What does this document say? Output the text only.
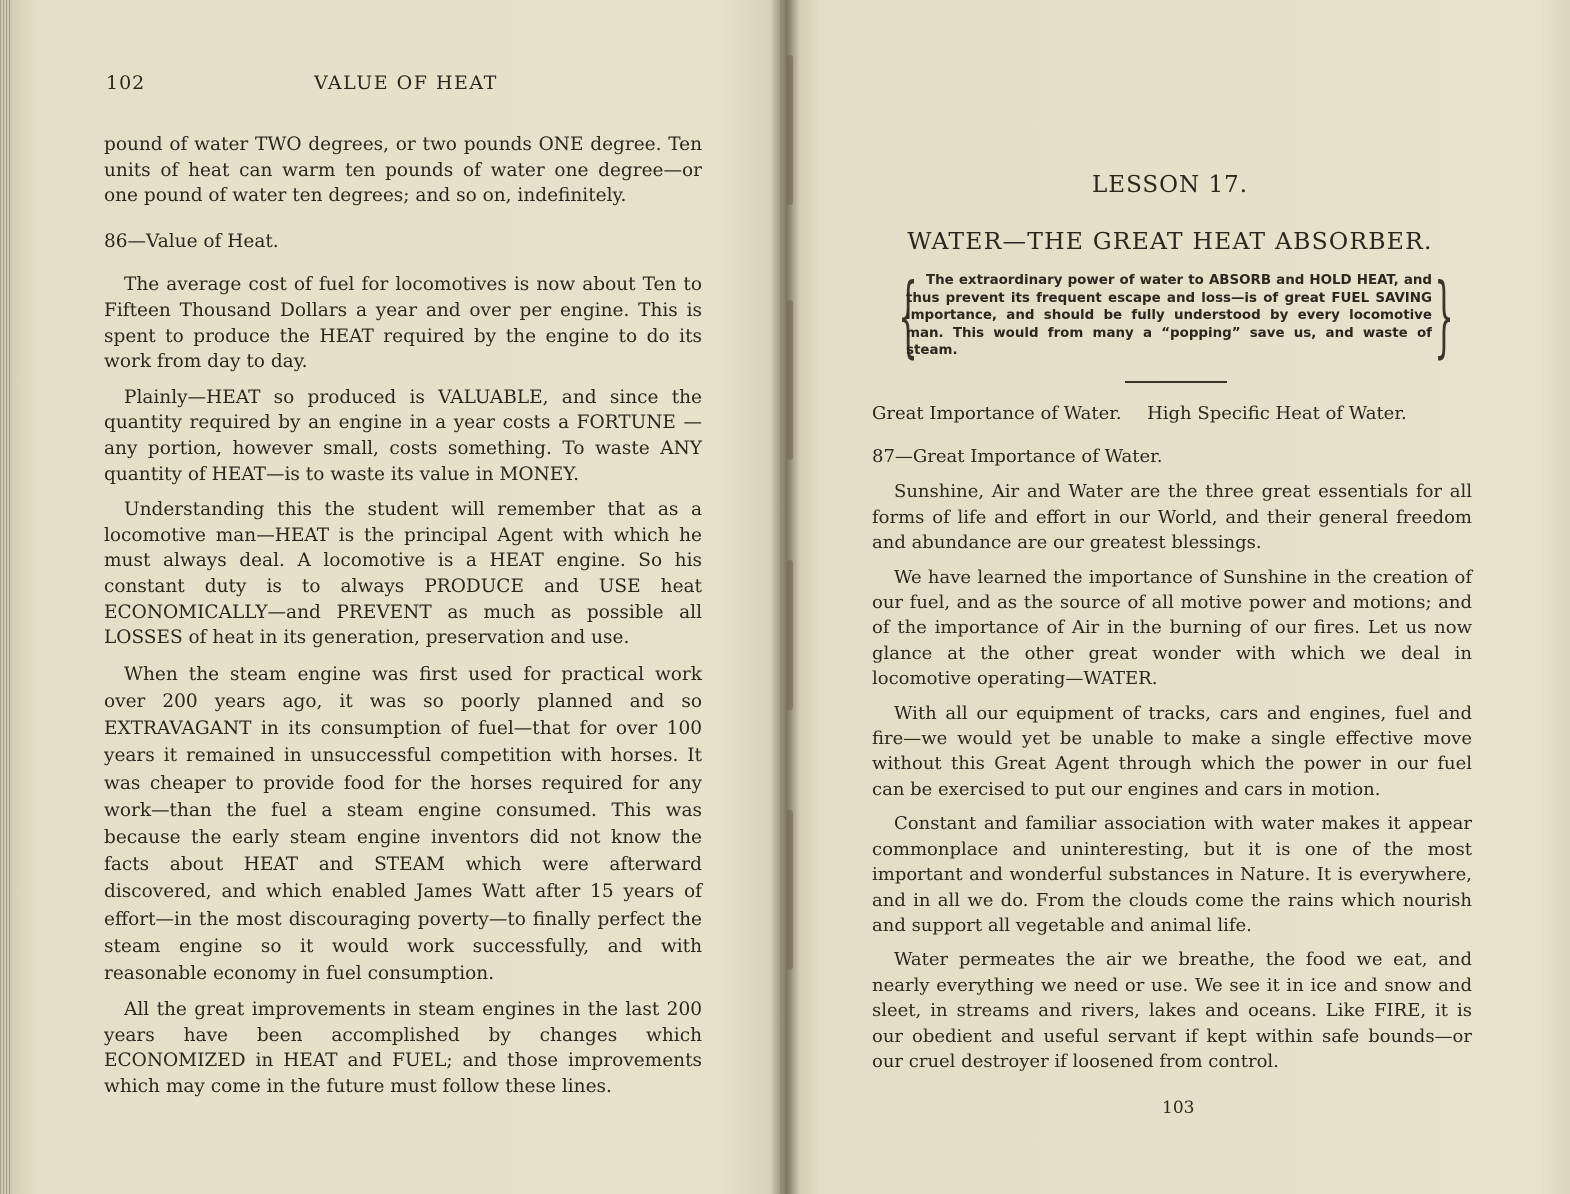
102	VALUE OF HEAT

pound of water TWO degrees, or two pounds ONE degree. Ten units of heat can warm ten pounds of water one degree—or one pound of water ten degrees; and so on, indefinitely.

86—Value of Heat.

The average cost of fuel for locomotives is now about Ten to Fifteen Thousand Dollars a year and over per engine. This is spent to produce the HEAT required by the engine to do its work from day to day.

Plainly—HEAT so produced is VALUABLE, and since the quantity required by an engine in a year costs a FORTUNE —any portion, however small, costs something. To waste ANY quantity of HEAT—is to waste its value in MONEY.

Understanding this the student will remember that as a locomotive man—HEAT is the principal Agent with which he must always deal. A locomotive is a HEAT engine. So his constant duty is to always PRODUCE and USE heat ECONOMICALLY—and PREVENT as much as possible all LOSSES of heat in its generation, preservation and use.

When the steam engine was first used for practical work over 200 years ago, it was so poorly planned and so EXTRAVAGANT in its consumption of fuel—that for over 100 years it remained in unsuccessful competition with horses. It was cheaper to provide food for the horses required for any work—than the fuel a steam engine consumed. This was because the early steam engine inventors did not know the facts about HEAT and STEAM which were afterward discovered, and which enabled James Watt after 15 years of effort—in the most discouraging poverty—to finally perfect the steam engine so it would work successfully, and with reasonable economy in fuel consumption.

All the great improvements in steam engines in the last 200 years have been accomplished by changes which ECONOMIZED in HEAT and FUEL; and those improvements which may come in the future must follow these lines.

LESSON 17.
WATER—THE GREAT HEAT ABSORBER.
{ The extraordinary power of water to ABSORB and HOLD HEAT, and thus prevent its frequent escape and loss—is of great FUEL SAVING importance, and should be fully understood by every locomotive man. This would from many a “popping” save us, and waste of steam.	}
Great Importance of Water. High Specific Heat of Water.

87—Great Importance of Water.

Sunshine, Air and Water are the three great essentials for all forms of life and effort in our World, and their general freedom and abundance are our greatest blessings.

We have learned the importance of Sunshine in the creation of our fuel, and as the source of all motive power and motions; and of the importance of Air in the burning of our fires. Let us now glance at the other great wonder with which we deal in locomotive operating—WATER.

With all our equipment of tracks, cars and engines, fuel and fire—we would yet be unable to make a single effective move without this Great Agent through which the power in our fuel can be exercised to put our engines and cars in motion.

Constant and familiar association with water makes it appear commonplace and uninteresting, but it is one of the most important and wonderful substances in Nature. It is everywhere, and in all we do. From the clouds come the rains which nourish and support all vegetable and animal life.

Water permeates the air we breathe, the food we eat, and nearly everything we need or use. We see it in ice and snow and sleet, in streams and rivers, lakes and oceans. Like FIRE, it is our obedient and useful servant if kept within safe bounds—or our cruel destroyer if loosened from control.

103
